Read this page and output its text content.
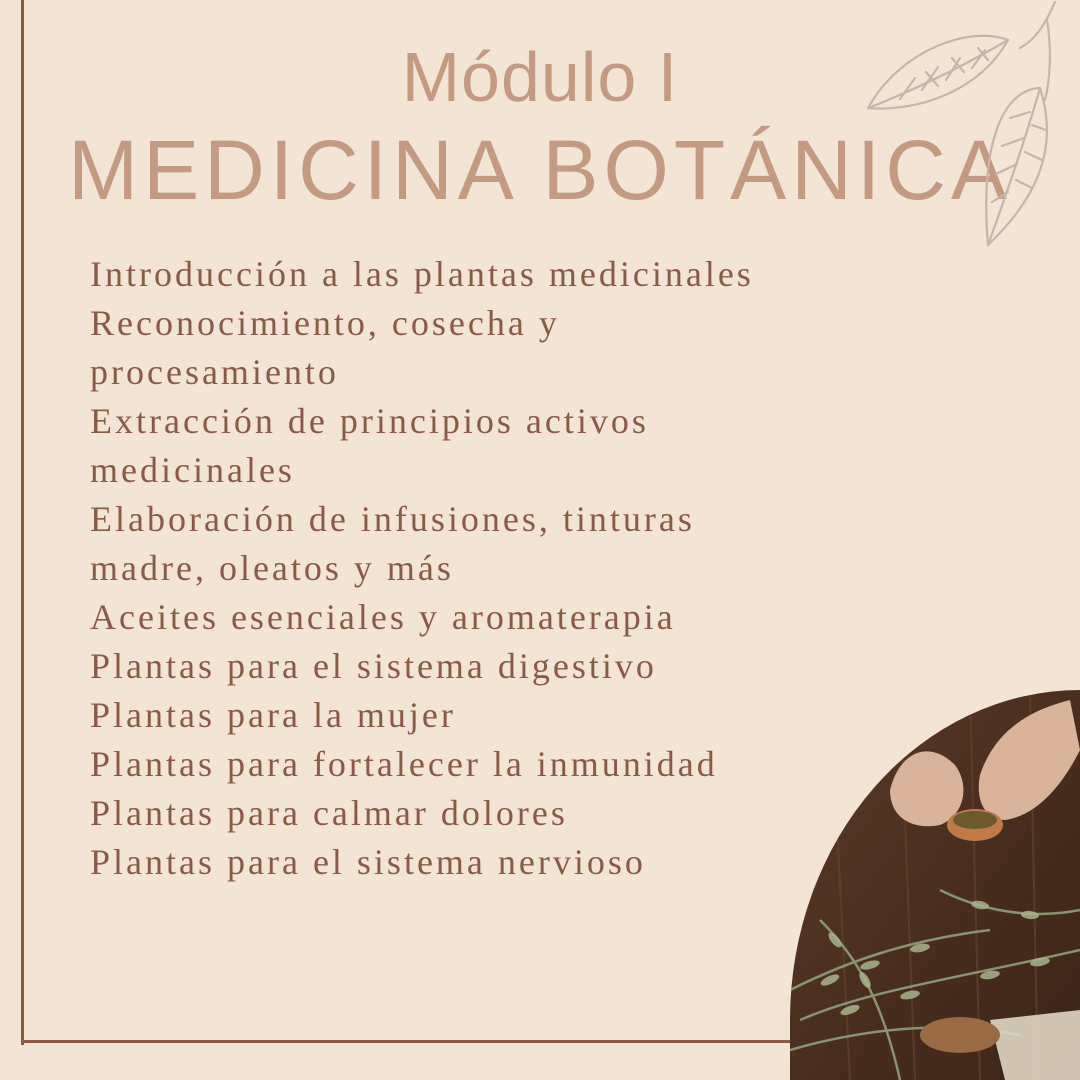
Módulo I
MEDICINA BOTÁNICA
Introducción a las plantas medicinales
Reconocimiento, cosecha y procesamiento
Extracción de principios activos medicinales
Elaboración de infusiones, tinturas madre, oleatos y más
Aceites esenciales y aromaterapia
Plantas para el sistema digestivo
Plantas para la mujer
Plantas para fortalecer la inmunidad
Plantas para calmar dolores
Plantas para el sistema nervioso
